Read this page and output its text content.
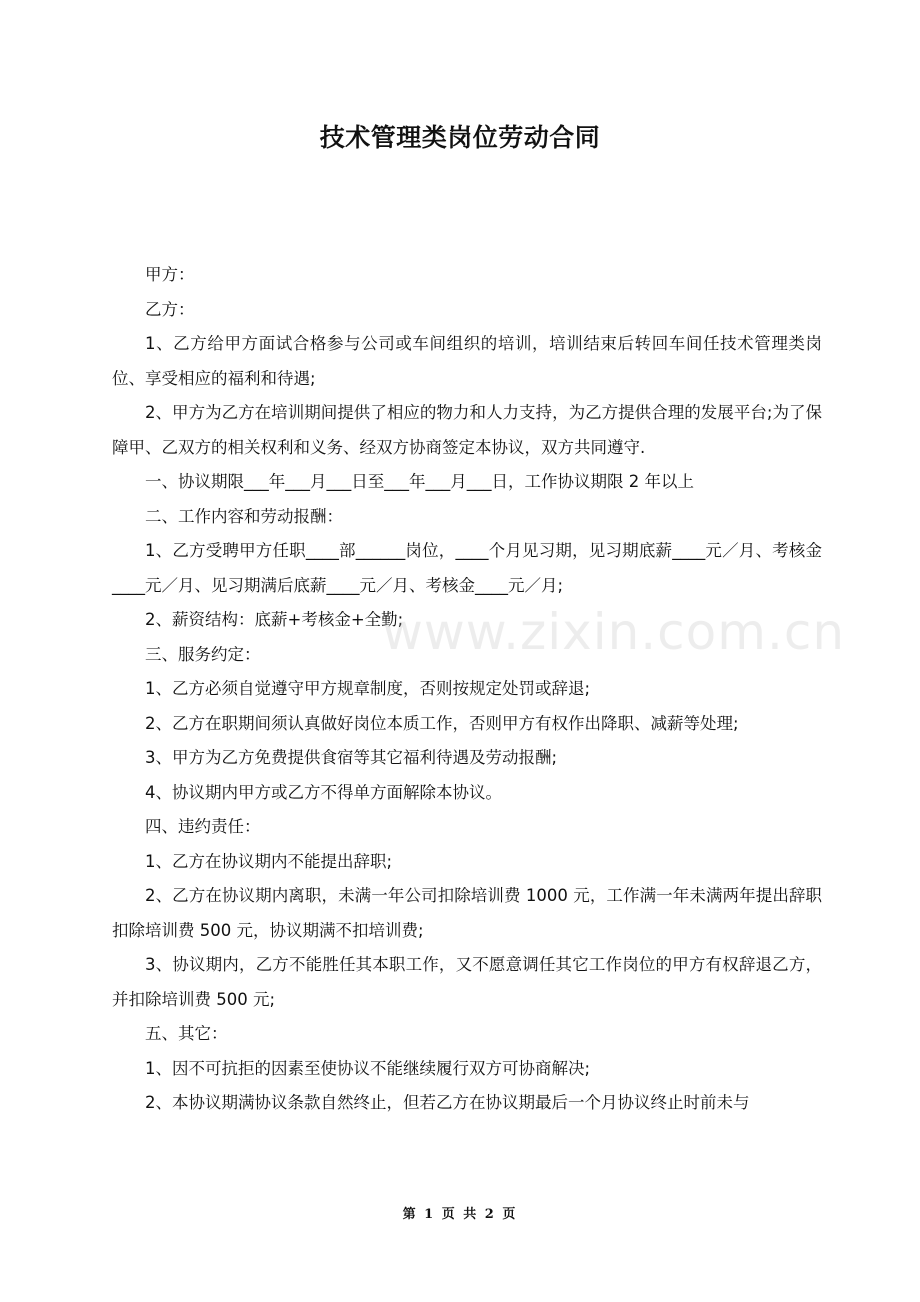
技术管理类岗位劳动合同

甲方：

乙方：

1、乙方给甲方面试合格参与公司或车间组织的培训，培训结束后转回车间任技术管理类岗位、享受相应的福利和待遇;

2、甲方为乙方在培训期间提供了相应的物力和人力支持，为乙方提供合理的发展平台;为了保障甲、乙双方的相关权利和义务、经双方协商签定本协议，双方共同遵守.

一、协议期限___年___月___日至___年___月___日，工作协议期限 2 年以上

二、工作内容和劳动报酬：

1、乙方受聘甲方任职____部______岗位，____个月见习期，见习期底薪____元／月、考核金____元／月、见习期满后底薪____元／月、考核金____元／月;

2、薪资结构：底薪+考核金+全勤;

三、服务约定：

1、乙方必须自觉遵守甲方规章制度，否则按规定处罚或辞退;

2、乙方在职期间须认真做好岗位本质工作，否则甲方有权作出降职、减薪等处理;

3、甲方为乙方免费提供食宿等其它福利待遇及劳动报酬;

4、协议期内甲方或乙方不得单方面解除本协议。

四、违约责任：

1、乙方在协议期内不能提出辞职;

2、乙方在协议期内离职，未满一年公司扣除培训费 1000 元，工作满一年未满两年提出辞职扣除培训费 500 元，协议期满不扣培训费;

3、协议期内，乙方不能胜任其本职工作，又不愿意调任其它工作岗位的甲方有权辞退乙方，并扣除培训费 500 元;

五、其它：

1、因不可抗拒的因素至使协议不能继续履行双方可协商解决;

2、本协议期满协议条款自然终止，但若乙方在协议期最后一个月协议终止时前未与

www.zixin.com.cn
第 1 页 共 2 页
